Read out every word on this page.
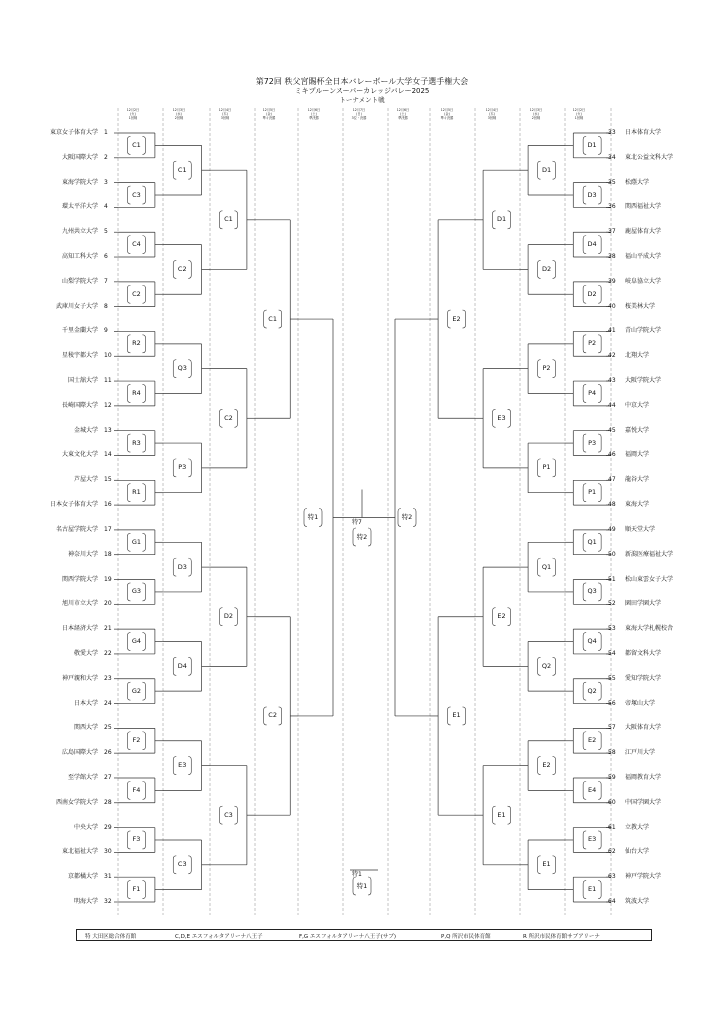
第72回 秩父宮賜杯全日本バレーボール大学女子選手権大会
ミキプルーンスーパーカレッジバレー2025
トーナメント戦
12月2日
(火)
1回戦
12月3日
(水)
2回戦
12月4日
(木)
3回戦
12月5日
(金)
準々決勝
12月6日
(土)
準決勝
12月7日
(日)
3位・決勝
12月6日
(土)
準決勝
12月5日
(金)
準々決勝
12月4日
(木)
3回戦
12月3日
(水)
2回戦
12月2日
(火)
1回戦
東京女子体育大学 1
大阪国際大学 2
東海学院大学 3
環太平洋大学 4
九州共立大学 5
高知工科大学 6
山梨学院大学 7
武庫川女子大学 8
千里金蘭大学 9
星稜宇都大学 10
国士舘大学 11
長崎国際大学 12
金城大学 13
大東文化大学 14
芦屋大学 15
日本女子体育大学 16
名古屋学院大学 17
神奈川大学 18
関西学院大学 19
旭川市立大学 20
日本経済大学 21
敬愛大学 22
神戸親和大学 23
日本大学 24
関西大学 25
広島国際大学 26
至学館大学 27
西南女学院大学 28
中央大学 29
東北福祉大学 30
京都橘大学 31
明海大学 32
33	日本体育大学
34	東北公益文科大学
35	松蔭大学
36	関西福祉大学
37	鹿屋体育大学
38	福山平成大学
39	岐阜協立大学
40	桜美林大学
41	青山学院大学
42	北翔大学
43	大阪学院大学
44	中京大学
45	嘉悦大学
46	福岡大学
47	龍谷大学
48	東海大学
49	順天堂大学
50	新潟医療福祉大学
51	松山東雲女子大学
52	園田学園大学
53	東海大学札幌校舎
54	都留文科大学
55	愛知学院大学
56	帝塚山大学
57	大阪体育大学
58	江戸川大学
59	福岡教育大学
60	中国学園大学
61	立教大学
62	仙台大学
63	神戸学院大学
64	筑波大学
C1
C3
C4
C2
R2
R4
R3
R1
G1
G3
G4
G2
F2
F4
F3
F1
C1
C2
Q3
P3
D3
D4
E3
C3
C1
C2
D2
C3
C1
C2
D1
D3
D4
D2
P2
P4
P3
P1
Q1
Q3
Q4
Q2
E2
E4
E3
E1
D1
D2
P2
P1
Q1
Q2
E2
E1
D1
E3
E2
E1
E2
E1
特1	特2
特7
特2
特1
特1
特 大田区総合体育館	C,D,E エスフォルタアリーナ八王子	F,G エスフォルタアリーナ八王子(サブ)	P,Q 所沢市民体育館	R 所沢市民体育館サブアリーナ
